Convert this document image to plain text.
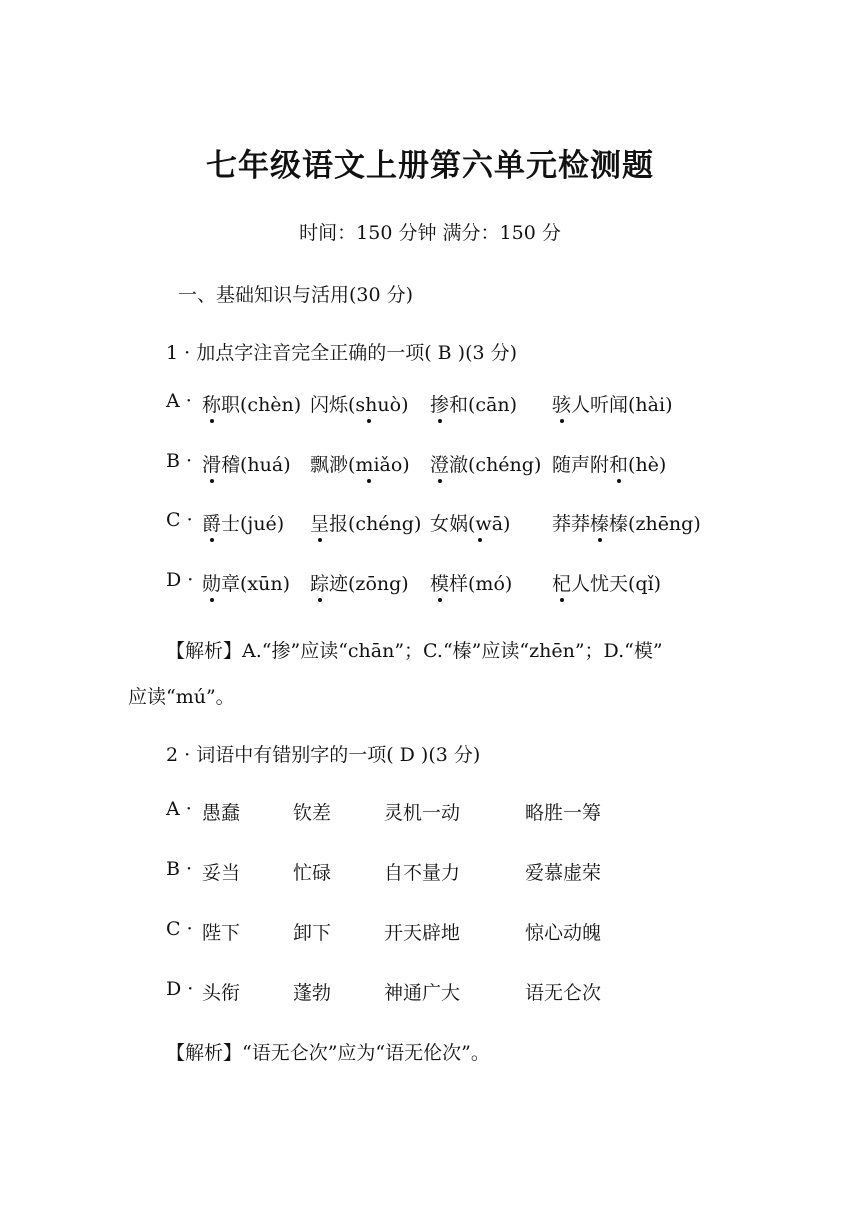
七年级语文上册第六单元检测题
时间：150 分钟 满分：150 分
一、基础知识与活用(30 分)
1 · 加点字注音完全正确的一项( B )(3 分)
A · 称职(chèn) 闪烁(shuò) 掺和(cān) 骇人听闻(hài)
B · 滑稽(huá) 飘渺(miǎo) 澄澈(chéng) 随声附和(hè)
C · 爵士(jué) 呈报(chéng) 女娲(wā) 莽莽榛榛(zhēng)
D · 勋章(xūn) 踪迹(zōng) 模样(mó) 杞人忧天(qǐ)
【解析】A.“掺”应读“chān”；C.“榛”应读“zhēn”；D.“模”
应读“mú”。
2 · 词语中有错别字的一项( D )(3 分)
A · 愚蠢	钦差	灵机一动	略胜一筹
B · 妥当	忙碌	自不量力	爱慕虚荣
C · 陛下	卸下	开天辟地	惊心动魄
D · 头衔	蓬勃	神通广大	语无仑次
【解析】“语无仑次”应为“语无伦次”。
